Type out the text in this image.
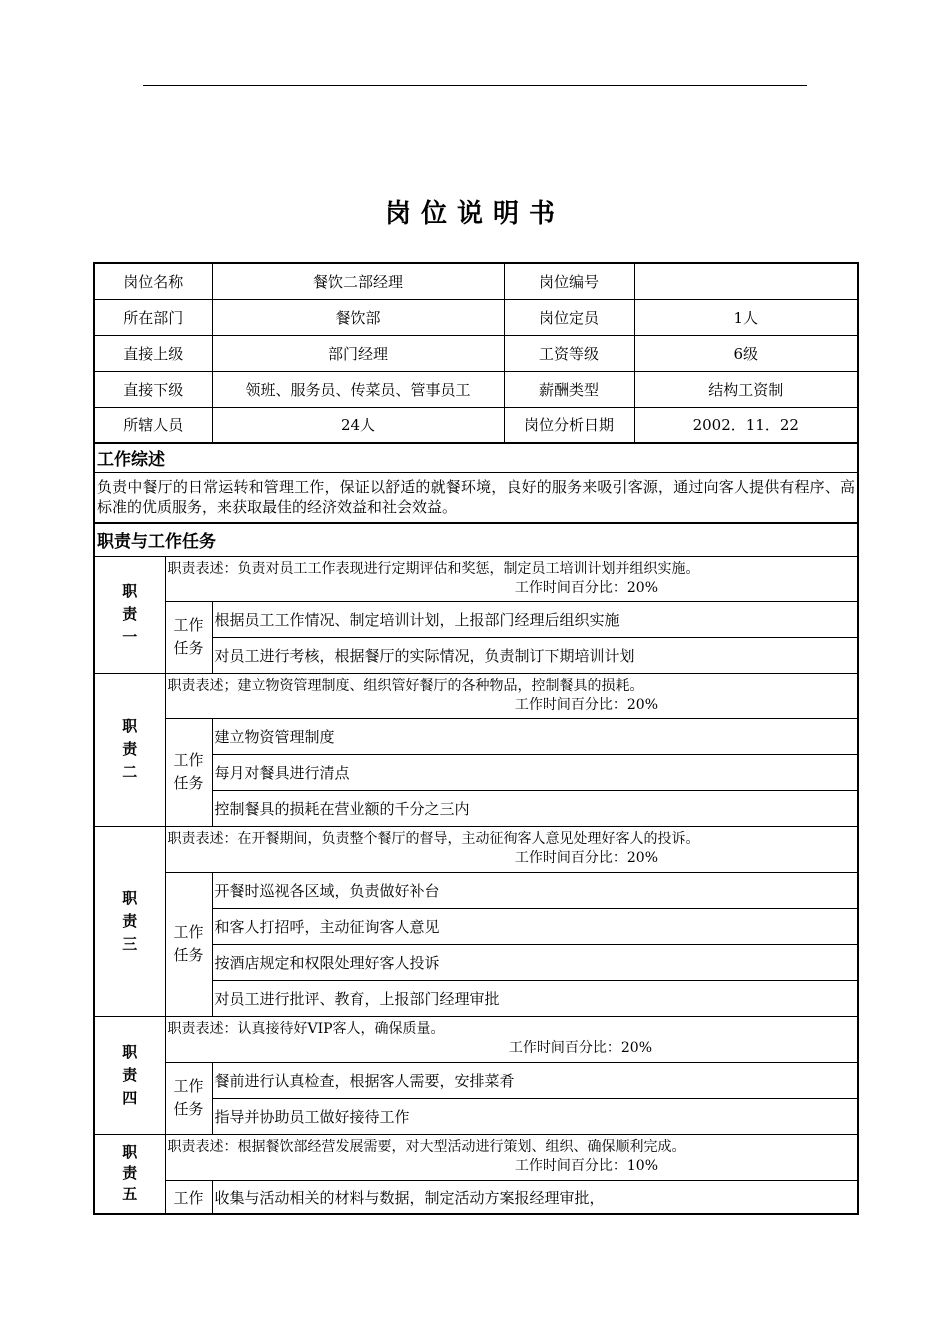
岗位说明书
岗位名称		餐饮二部经理	岗位编号	
所在部门		餐饮部	岗位定员	1人
直接上级		部门经理	工资等级	6级
直接下级		领班、服务员、传菜员、管事员工	薪酬类型	结构工资制
所辖人员		24人	岗位分析日期	2002．11．22
工作综述				
负责中餐厅的日常运转和管理工作，保证以舒适的就餐环境，良好的服务来吸引客源，通过向客人提供有程序、高标准的优质服务，来获取最佳的经济效益和社会效益。				
职责与工作任务				
职责一	职责表述：负责对员工工作表现进行定期评估和奖惩，制定员工培训计划并组织实施。
工作时间百分比：20%			

	工作任务	根据员工工作情况、制定培训计划，上报部门经理后组织实施		
		对员工进行考核，根据餐厅的实际情况，负责制订下期培训计划		
职责二	职责表述；建立物资管理制度、组织管好餐厅的各种物品，控制餐具的损耗。
工作时间百分比：20%			

	工作任务	建立物资管理制度		
		每月对餐具进行清点		
		控制餐具的损耗在营业额的千分之三内		
职责三	职责表述：在开餐期间，负责整个餐厅的督导，主动征徇客人意见处理好客人的投诉。
工作时间百分比：20%			

	工作任务	开餐时巡视各区域，负责做好补台		
		和客人打招呼，主动征询客人意见		
		按酒店规定和权限处理好客人投诉		
		对员工进行批评、教育，上报部门经理审批		
职责四	职责表述：认真接待好VIP客人，确保质量。
工作时间百分比：20%			

	工作任务	餐前进行认真检查，根据客人需要，安排菜肴		
		指导并协助员工做好接待工作		
职责五	职责表述：根据餐饮部经营发展需要，对大型活动进行策划、组织、确保顺利完成。
工作时间百分比：10%			

	工作	收集与活动相关的材料与数据，制定活动方案报经理审批，		
